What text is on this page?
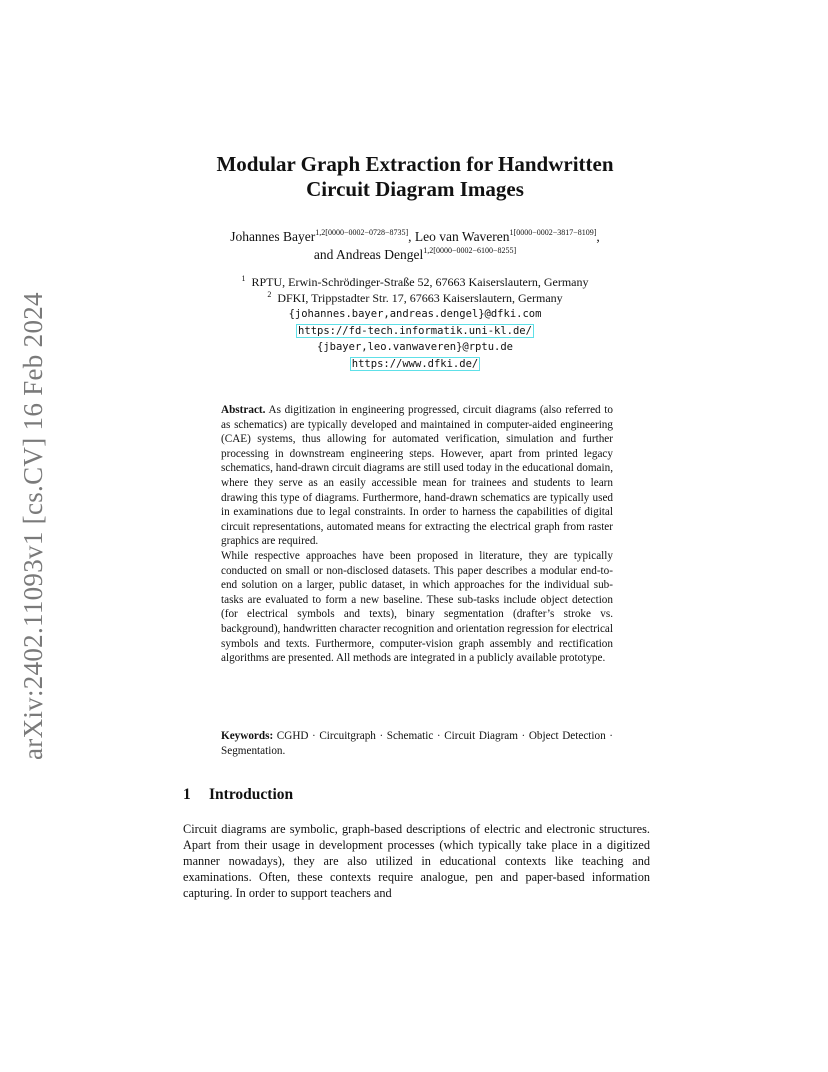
arXiv:2402.11093v1 [cs.CV] 16 Feb 2024
Modular Graph Extraction for Handwritten
Circuit Diagram Images
Johannes Bayer$^{1,2[0000-0002-0728-8735]}$, Leo van Waveren$^{1[0000-0002-3817-8109]}$,
and Andreas Dengel$^{1,2[0000-0002-6100-8255]}$
$^1$ RPTU, Erwin-Schrödinger-Straße 52, 67663 Kaiserslautern, Germany
$^2$ DFKI, Trippstadter Str. 17, 67663 Kaiserslautern, Germany
{johannes.bayer,andreas.dengel}@dfki.com
https://fd-tech.informatik.uni-kl.de/
{jbayer,leo.vanwaveren}@rptu.de
https://www.dfki.de/

Abstract. As digitization in engineering progressed, circuit diagrams (also referred to as schematics) are typically developed and maintained in computer-aided engineering (CAE) systems, thus allowing for automated verification, simulation and further processing in downstream engineering steps. However, apart from printed legacy schematics, hand-drawn circuit diagrams are still used today in the educational domain, where they serve as an easily accessible mean for trainees and students to learn drawing this type of diagrams. Furthermore, hand-drawn schematics are typically used in examinations due to legal constraints. In order to harness the capabilities of digital circuit representations, automated means for extracting the electrical graph from raster graphics are required.

While respective approaches have been proposed in literature, they are typically conducted on small or non-disclosed datasets. This paper describes a modular end-to-end solution on a larger, public dataset, in which approaches for the individual sub-tasks are evaluated to form a new baseline. These sub-tasks include object detection (for electrical symbols and texts), binary segmentation (drafter’s stroke vs. background), handwritten character recognition and orientation regression for electrical symbols and texts. Furthermore, computer-vision graph assembly and rectification algorithms are presented. All methods are integrated in a publicly available prototype.

Keywords: CGHD · Circuitgraph · Schematic · Circuit Diagram · Object Detection · Segmentation.
1 Introduction
Circuit diagrams are symbolic, graph-based descriptions of electric and electronic structures. Apart from their usage in development processes (which typically take place in a digitized manner nowadays), they are also utilized in educational contexts like teaching and examinations. Often, these contexts require analogue, pen and paper-based information capturing. In order to support teachers and
